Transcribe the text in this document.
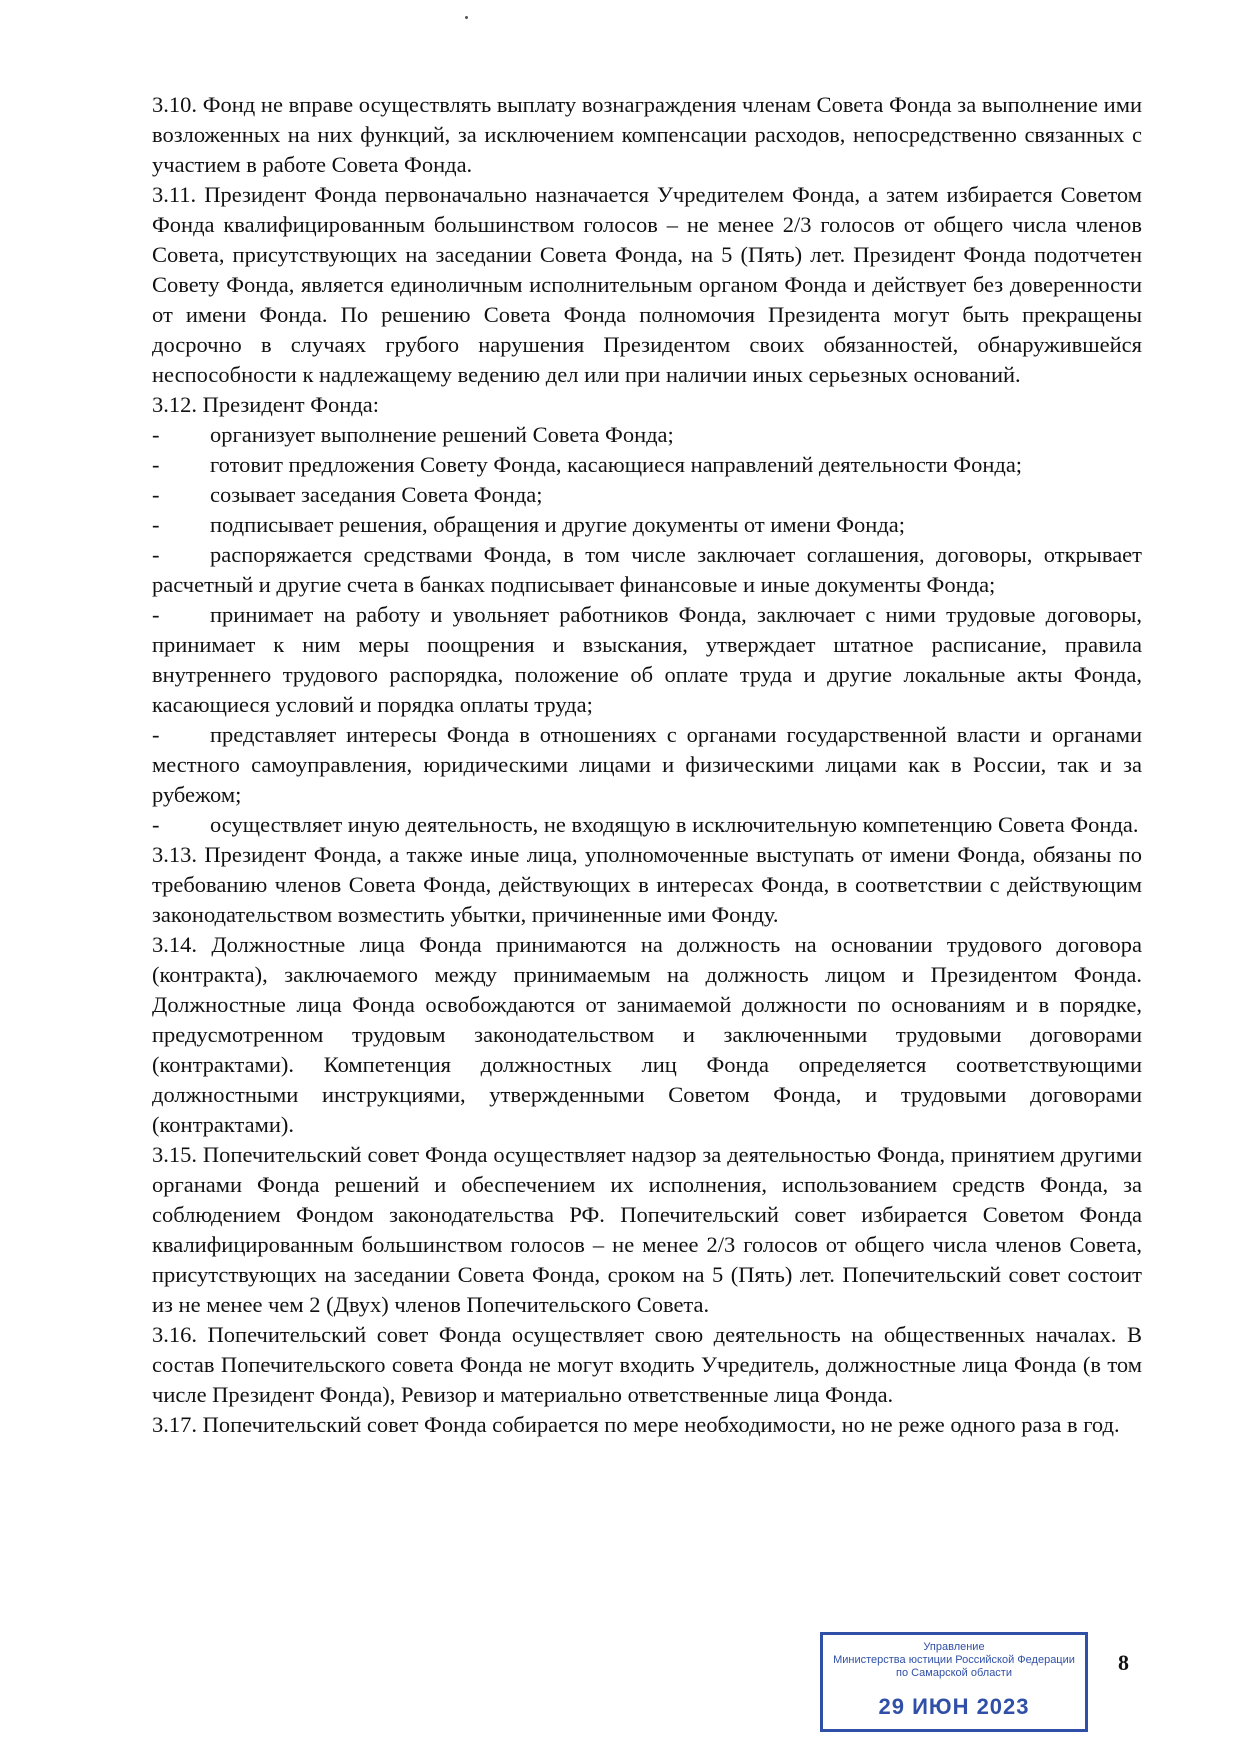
3.10. Фонд не вправе осуществлять выплату вознаграждения членам Совета Фонда за выполнение ими возложенных на них функций, за исключением компенсации расходов, непосредственно связанных с участием в работе Совета Фонда.

3.11. Президент Фонда первоначально назначается Учредителем Фонда, а затем избирается Советом Фонда квалифицированным большинством голосов – не менее 2/3 голосов от общего числа членов Совета, присутствующих на заседании Совета Фонда, на 5 (Пять) лет. Президент Фонда подотчетен Совету Фонда, является единоличным исполнительным органом Фонда и действует без доверенности от имени Фонда. По решению Совета Фонда полномочия Президента могут быть прекращены досрочно в случаях грубого нарушения Президентом своих обязанностей, обнаружившейся неспособности к надлежащему ведению дел или при наличии иных серьезных оснований.

3.12. Президент Фонда:

- организует выполнение решений Совета Фонда;

- готовит предложения Совету Фонда, касающиеся направлений деятельности Фонда;

- созывает заседания Совета Фонда;

- подписывает решения, обращения и другие документы от имени Фонда;

- распоряжается средствами Фонда, в том числе заключает соглашения, договоры, открывает расчетный и другие счета в банках подписывает финансовые и иные документы Фонда;

- принимает на работу и увольняет работников Фонда, заключает с ними трудовые договоры, принимает к ним меры поощрения и взыскания, утверждает штатное расписание, правила внутреннего трудового распорядка, положение об оплате труда и другие локальные акты Фонда, касающиеся условий и порядка оплаты труда;

- представляет интересы Фонда в отношениях с органами государственной власти и органами местного самоуправления, юридическими лицами и физическими лицами как в России, так и за рубежом;

- осуществляет иную деятельность, не входящую в исключительную компетенцию Совета Фонда.

3.13. Президент Фонда, а также иные лица, уполномоченные выступать от имени Фонда, обязаны по требованию членов Совета Фонда, действующих в интересах Фонда, в соответствии с действующим законодательством возместить убытки, причиненные ими Фонду.

3.14. Должностные лица Фонда принимаются на должность на основании трудового договора (контракта), заключаемого между принимаемым на должность лицом и Президентом Фонда. Должностные лица Фонда освобождаются от занимаемой должности по основаниям и в порядке, предусмотренном трудовым законодательством и заключенными трудовыми договорами (контрактами). Компетенция должностных лиц Фонда определяется соответствующими должностными инструкциями, утвержденными Советом Фонда, и трудовыми договорами (контрактами).

3.15. Попечительский совет Фонда осуществляет надзор за деятельностью Фонда, принятием другими органами Фонда решений и обеспечением их исполнения, использованием средств Фонда, за соблюдением Фондом законодательства РФ. Попечительский совет избирается Советом Фонда квалифицированным большинством голосов – не менее 2/3 голосов от общего числа членов Совета, присутствующих на заседании Совета Фонда, сроком на 5 (Пять) лет. Попечительский совет состоит из не менее чем 2 (Двух) членов Попечительского Совета.

3.16. Попечительский совет Фонда осуществляет свою деятельность на общественных началах. В состав Попечительского совета Фонда не могут входить Учредитель, должностные лица Фонда (в том числе Президент Фонда), Ревизор и материально ответственные лица Фонда.

3.17. Попечительский совет Фонда собирается по мере необходимости, но не реже одного раза в год.

Управление
Министерства юстиции Российской Федерации
по Самарской области
29 ИЮН 2023
8
